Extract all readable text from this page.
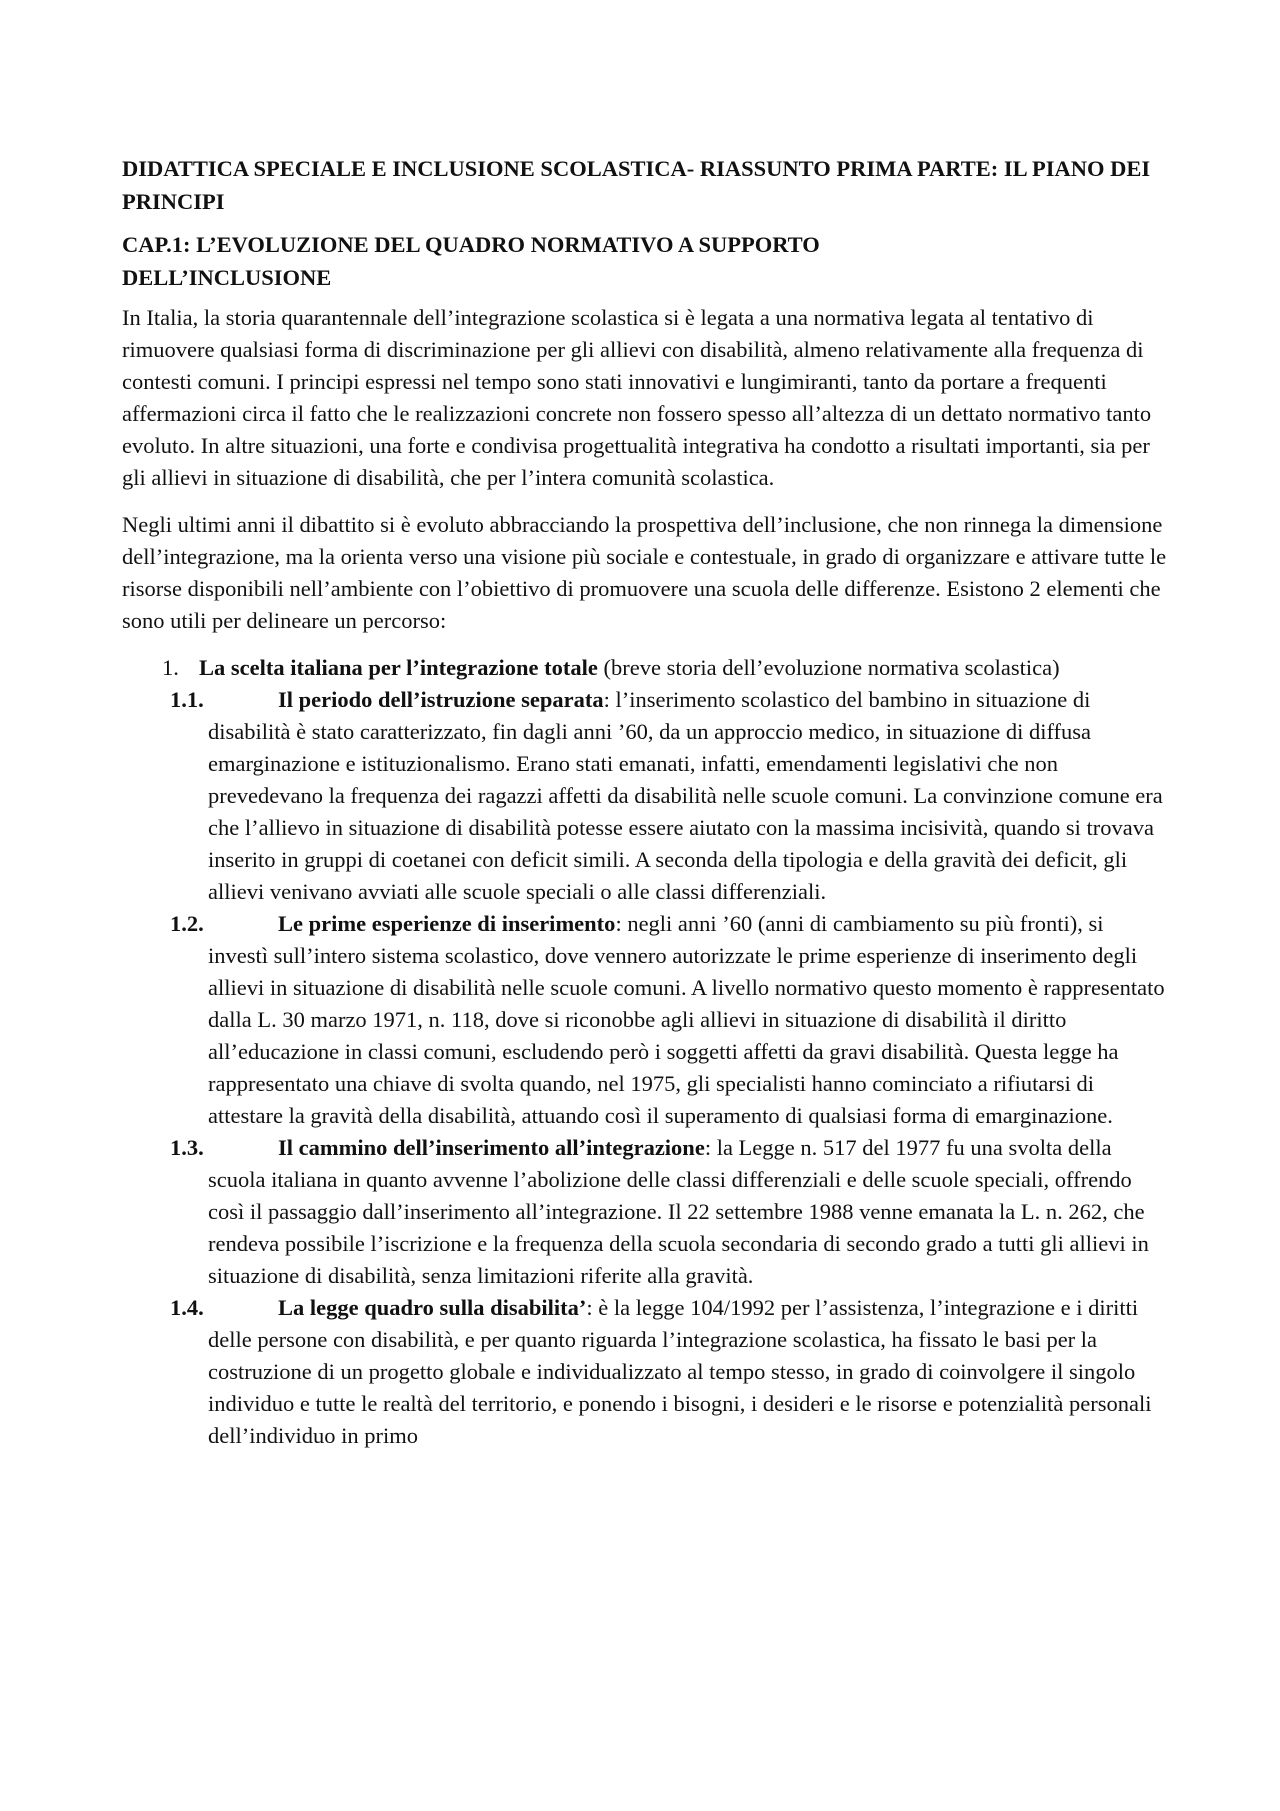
DIDATTICA SPECIALE E INCLUSIONE SCOLASTICA- RIASSUNTO PRIMA PARTE: IL PIANO DEI PRINCIPI
CAP.1: L’EVOLUZIONE DEL QUADRO NORMATIVO A SUPPORTO DELL’INCLUSIONE

In Italia, la storia quarantennale dell’integrazione scolastica si è legata a una normativa legata al tentativo di rimuovere qualsiasi forma di discriminazione per gli allievi con disabilità, almeno relativamente alla frequenza di contesti comuni. I principi espressi nel tempo sono stati innovativi e lungimiranti, tanto da portare a frequenti affermazioni circa il fatto che le realizzazioni concrete non fossero spesso all’altezza di un dettato normativo tanto evoluto. In altre situazioni, una forte e condivisa progettualità integrativa ha condotto a risultati importanti, sia per gli allievi in situazione di disabilità, che per l’intera comunità scolastica.

Negli ultimi anni il dibattito si è evoluto abbracciando la prospettiva dell’inclusione, che non rinnega la dimensione dell’integrazione, ma la orienta verso una visione più sociale e contestuale, in grado di organizzare e attivare tutte le risorse disponibili nell’ambiente con l’obiettivo di promuovere una scuola delle differenze. Esistono 2 elementi che sono utili per delineare un percorso:

1. La scelta italiana per l’integrazione totale (breve storia dell’evoluzione normativa scolastica)
1.1.	Il periodo dell’istruzione separata: l’inserimento scolastico del bambino in situazione di disabilità è stato caratterizzato, fin dagli anni ’60, da un approccio medico, in situazione di diffusa emarginazione e istituzionalismo. Erano stati emanati, infatti, emendamenti legislativi che non prevedevano la frequenza dei ragazzi affetti da disabilità nelle scuole comuni. La convinzione comune era che l’allievo in situazione di disabilità potesse essere aiutato con la massima incisività, quando si trovava inserito in gruppi di coetanei con deficit simili. A seconda della tipologia e della gravità dei deficit, gli allievi venivano avviati alle scuole speciali o alle classi differenziali.
1.2.	Le prime esperienze di inserimento: negli anni ’60 (anni di cambiamento su più fronti), si investì sull’intero sistema scolastico, dove vennero autorizzate le prime esperienze di inserimento degli allievi in situazione di disabilità nelle scuole comuni. A livello normativo questo momento è rappresentato dalla L. 30 marzo 1971, n. 118, dove si riconobbe agli allievi in situazione di disabilità il diritto all’educazione in classi comuni, escludendo però i soggetti affetti da gravi disabilità. Questa legge ha rappresentato una chiave di svolta quando, nel 1975, gli specialisti hanno cominciato a rifiutarsi di attestare la gravità della disabilità, attuando così il superamento di qualsiasi forma di emarginazione.
1.3.	Il cammino dell’inserimento all’integrazione: la Legge n. 517 del 1977 fu una svolta della scuola italiana in quanto avvenne l’abolizione delle classi differenziali e delle scuole speciali, offrendo così il passaggio dall’inserimento all’integrazione. Il 22 settembre 1988 venne emanata la L. n. 262, che rendeva possibile l’iscrizione e la frequenza della scuola secondaria di secondo grado a tutti gli allievi in situazione di disabilità, senza limitazioni riferite alla gravità.
1.4.	La legge quadro sulla disabilita’: è la legge 104/1992 per l’assistenza, l’integrazione e i diritti delle persone con disabilità, e per quanto riguarda l’integrazione scolastica, ha fissato le basi per la costruzione di un progetto globale e individualizzato al tempo stesso, in grado di coinvolgere il singolo individuo e tutte le realtà del territorio, e ponendo i bisogni, i desideri e le risorse e potenzialità personali dell’individuo in primo
